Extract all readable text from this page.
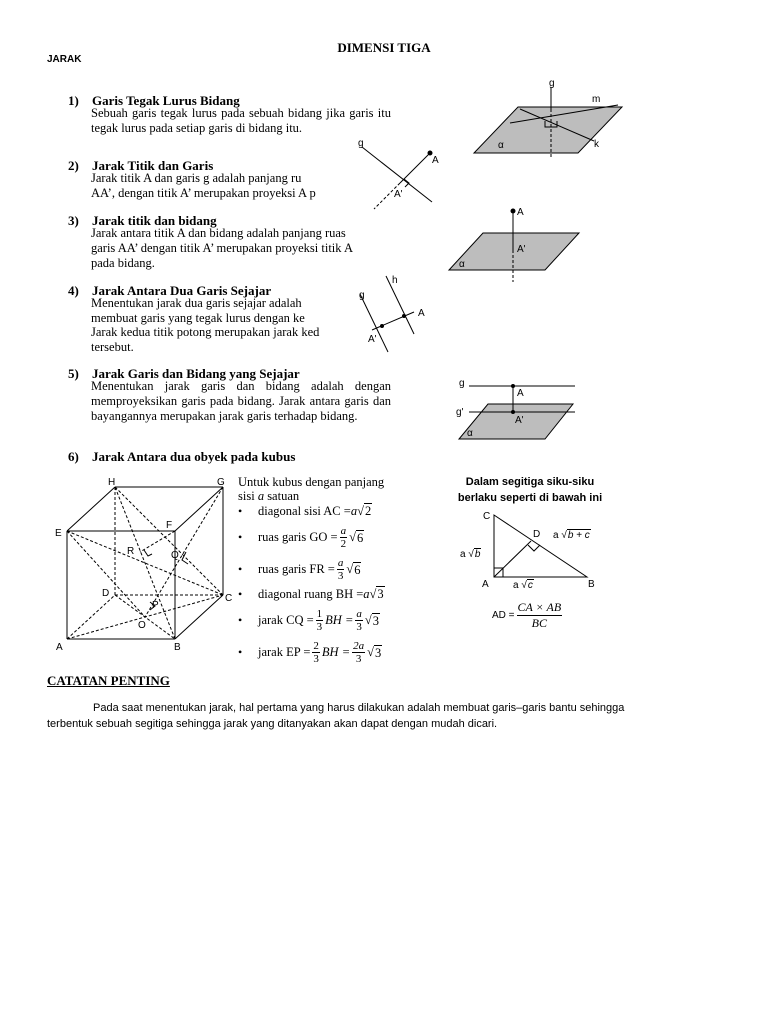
DIMENSI TIGA
JARAK
1) Garis Tegak Lurus Bidang
Sebuah garis tegak lurus pada sebuah bidang jika garis itu tegak lurus pada setiap garis di bidang itu.
2) Jarak Titik dan Garis
Jarak titik A dan garis g adalah panjang ru
AA’, dengan titik A’ merupakan proyeksi A p
3) Jarak titik dan bidang
Jarak antara titik A dan bidang adalah panjang ruas
garis AA’ dengan titik A’ merupakan proyeksi titik A
pada bidang.
4) Jarak Antara Dua Garis Sejajar
Menentukan jarak dua garis sejajar adalah
membuat garis yang tegak lurus dengan ke
Jarak kedua titik potong merupakan jarak ked
tersebut.
5) Jarak Garis dan Bidang yang Sejajar
Menentukan jarak garis dan bidang adalah dengan memproyeksikan garis pada bidang. Jarak antara garis dan bayangannya merupakan jarak garis terhadap bidang.
6) Jarak Antara dua obyek pada kubus
g
m
k
α
g
A
A'
A
A'
α
g
h
A
A'
g
g'
A
A'
α
H	G
E
F
D	C
A	B
R	Q
P
O
Untuk kubus dengan panjang
sisi a satuan
•	diagonal sisi AC = a √ 2
•	ruas garis GO = $\frac{a}{2}$ √ 6
•	ruas garis FR = $\frac{a}{3}$ √ 6
•	diagonal ruang BH = a √ 3
•	jarak CQ = $\frac{1}{3}$ BH = $\frac{a}{3}$ √ 3
•	jarak EP = $\frac{2}{3}$ BH = $\frac{2a}{3}$ √ 3
Dalam segitiga siku-siku
berlaku seperti di bawah ini
C
D
A	B
a √b
a √b + c
a √c
AD = $\frac{CA \times AB}{BC}$
CATATAN PENTING
Pada saat menentukan jarak, hal pertama yang harus dilakukan adalah membuat garis–garis bantu sehingga
terbentuk sebuah segitiga sehingga jarak yang ditanyakan akan dapat dengan mudah dicari.
